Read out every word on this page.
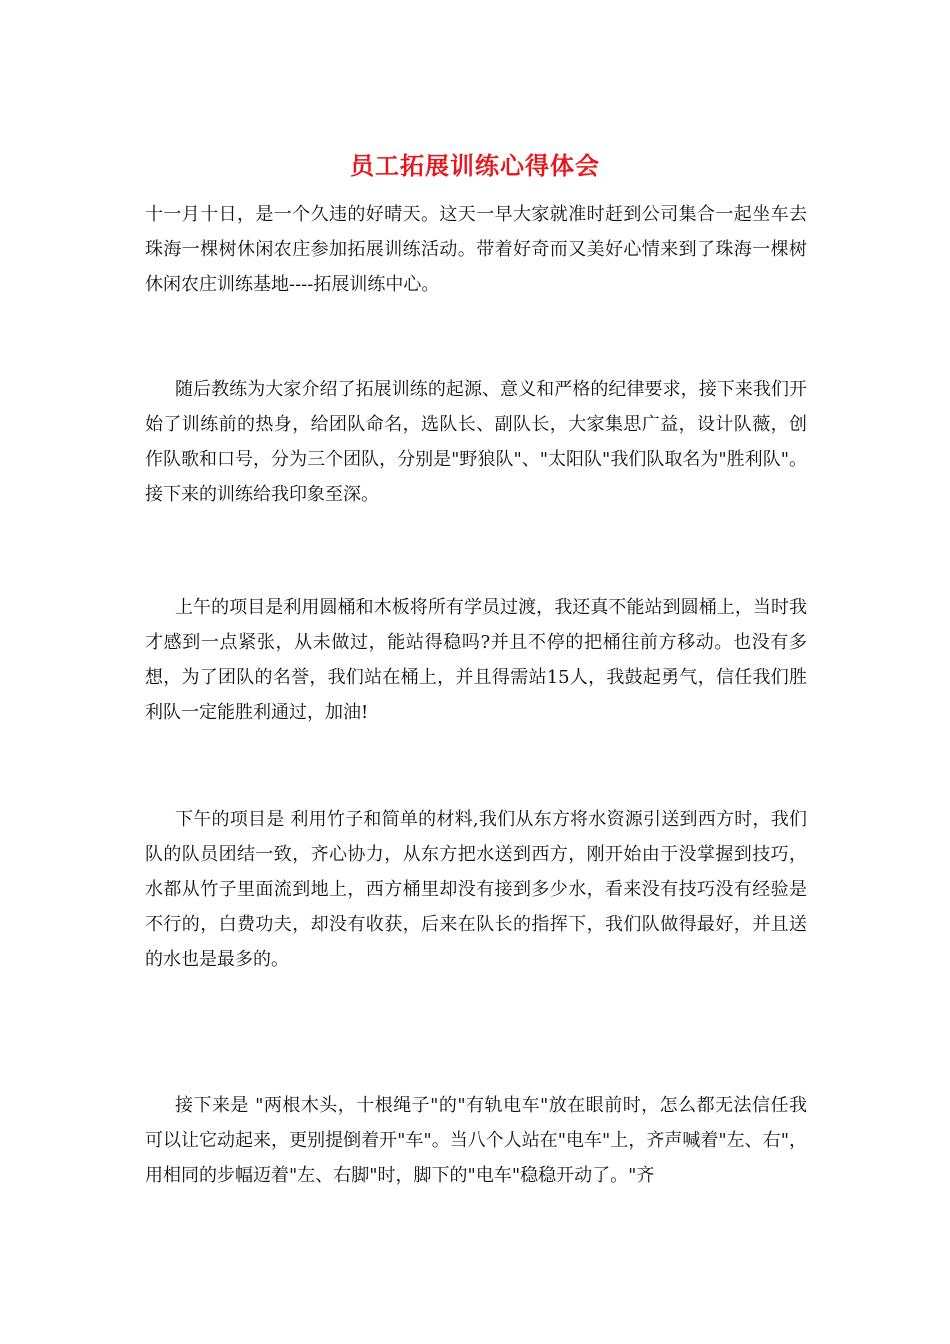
员工拓展训练心得体会

十一月十日，是一个久违的好晴天。这天一早大家就准时赶到公司集合一起坐车去珠海一棵树休闲农庄参加拓展训练活动。带着好奇而又美好心情来到了珠海一棵树休闲农庄训练基地----拓展训练中心。

随后教练为大家介绍了拓展训练的起源、意义和严格的纪律要求，接下来我们开始了训练前的热身，给团队命名，选队长、副队长，大家集思广益，设计队薇，创作队歌和口号，分为三个团队，分别是"野狼队"、"太阳队"我们队取名为"胜利队"。接下来的训练给我印象至深。

上午的项目是利用圆桶和木板将所有学员过渡，我还真不能站到圆桶上，当时我才感到一点紧张，从未做过，能站得稳吗?并且不停的把桶往前方移动。也没有多想，为了团队的名誉，我们站在桶上，并且得需站15人，我鼓起勇气，信任我们胜利队一定能胜利通过，加油!

下午的项目是 利用竹子和简单的材料,我们从东方将水资源引送到西方时，我们队的队员团结一致，齐心协力，从东方把水送到西方，刚开始由于没掌握到技巧，水都从竹子里面流到地上，西方桶里却没有接到多少水，看来没有技巧没有经验是不行的，白费功夫，却没有收获，后来在队长的指挥下，我们队做得最好，并且送的水也是最多的。

接下来是 "两根木头，十根绳子"的"有轨电车"放在眼前时，怎么都无法信任我可以让它动起来，更别提倒着开"车"。当八个人站在"电车"上，齐声喊着"左、右"，用相同的步幅迈着"左、右脚"时，脚下的"电车"稳稳开动了。"齐
